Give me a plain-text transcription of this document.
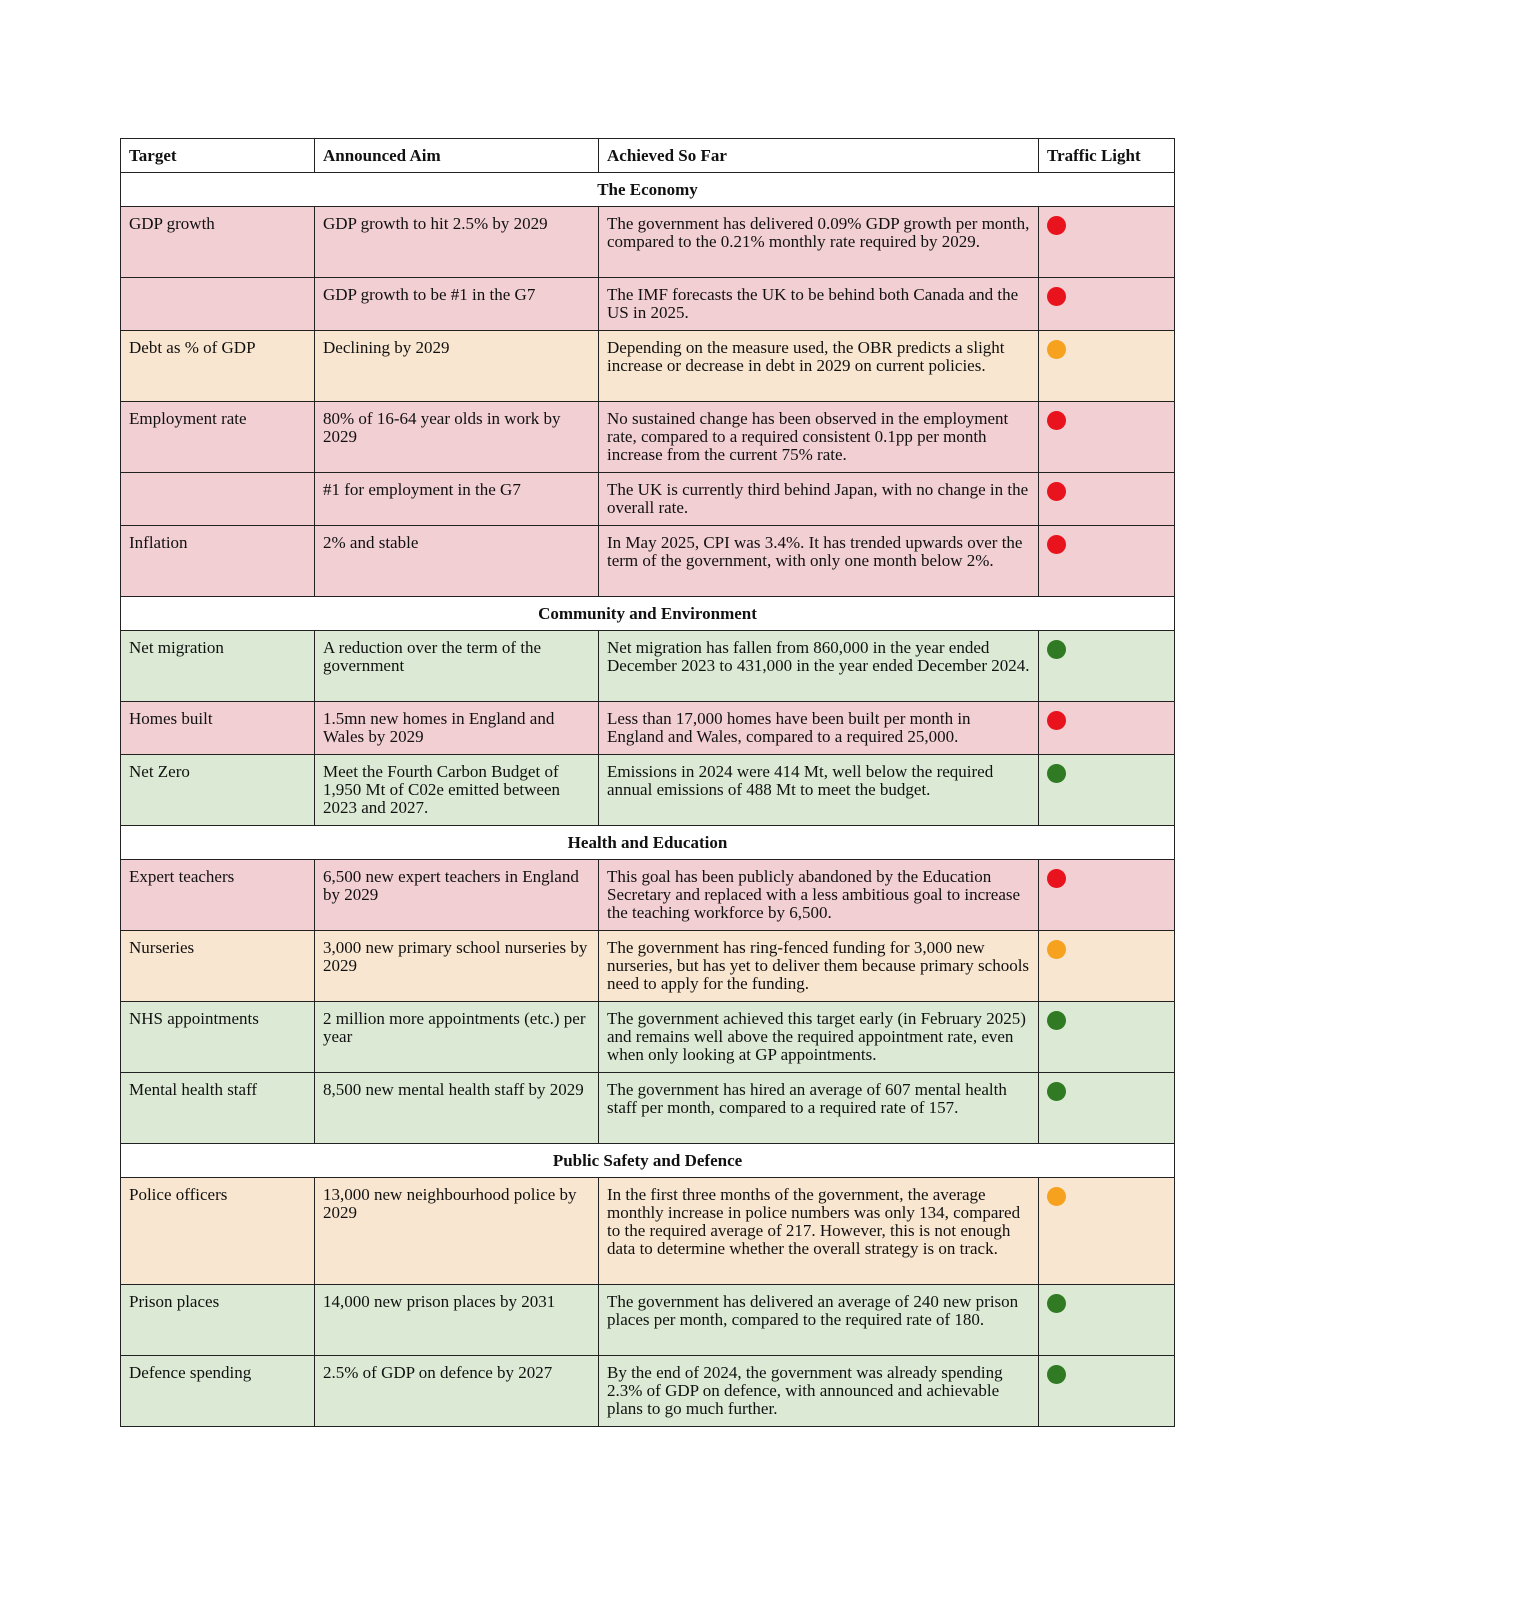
Target	Announced Aim	Achieved So Far	Traffic Light
The Economy			
GDP growth	GDP growth to hit 2.5% by 2029	The government has delivered 0.09% GDP growth per month, compared to the 0.21% monthly rate required by 2029.	
	GDP growth to be #1 in the G7	The IMF forecasts the UK to be behind both Canada and the US in 2025.	
Debt as % of GDP	Declining by 2029	Depending on the measure used, the OBR predicts a slight increase or decrease in debt in 2029 on current policies.	
Employment rate	80% of 16-64 year olds in work by 2029	No sustained change has been observed in the employment rate, compared to a required consistent 0.1pp per month increase from the current 75% rate.	
	#1 for employment in the G7	The UK is currently third behind Japan, with no change in the overall rate.	
Inflation	2% and stable	In May 2025, CPI was 3.4%. It has trended upwards over the term of the government, with only one month below 2%.	
Community and Environment			
Net migration	A reduction over the term of the government	Net migration has fallen from 860,000 in the year ended December 2023 to 431,000 in the year ended December 2024.	
Homes built	1.5mn new homes in England and Wales by 2029	Less than 17,000 homes have been built per month in England and Wales, compared to a required 25,000.	
Net Zero	Meet the Fourth Carbon Budget of 1,950 Mt of C02e emitted between 2023 and 2027.	Emissions in 2024 were 414 Mt, well below the required annual emissions of 488 Mt to meet the budget.	
Health and Education			
Expert teachers	6,500 new expert teachers in England by 2029	This goal has been publicly abandoned by the Education Secretary and replaced with a less ambitious goal to increase the teaching workforce by 6,500.	
Nurseries	3,000 new primary school nurseries by 2029	The government has ring-fenced funding for 3,000 new nurseries, but has yet to deliver them because primary schools need to apply for the funding.	
NHS appointments	2 million more appointments (etc.) per year	The government achieved this target early (in February 2025) and remains well above the required appointment rate, even when only looking at GP appointments.	
Mental health staff	8,500 new mental health staff by 2029	The government has hired an average of 607 mental health staff per month, compared to a required rate of 157.	
Public Safety and Defence			
Police officers	13,000 new neighbourhood police by 2029	In the first three months of the government, the average monthly increase in police numbers was only 134, compared to the required average of 217. However, this is not enough data to determine whether the overall strategy is on track.	
Prison places	14,000 new prison places by 2031	The government has delivered an average of 240 new prison places per month, compared to the required rate of 180.	
Defence spending	2.5% of GDP on defence by 2027	By the end of 2024, the government was already spending 2.3% of GDP on defence, with announced and achievable plans to go much further.	
